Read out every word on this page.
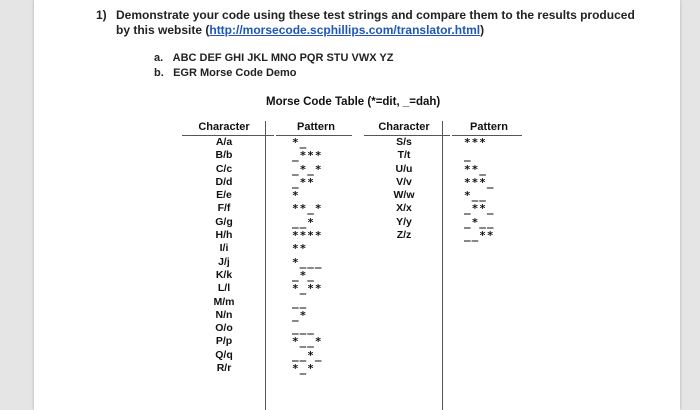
1) Demonstrate your code using these test strings and compare them to the results produced by this website (http://morsecode.scphillips.com/translator.html)
a. ABC DEF GHI JKL MNO PQR STU VWX YZ
b. EGR Morse Code Demo
Morse Code Table (*=dit, _=dah)
Character
A/a
B/b
C/c
D/d
E/e
F/f
G/g
H/h
I/i
J/j
K/k
L/l
M/m
N/n
O/o
P/p
Q/q
R/r
Pattern
*_
_***
_*_*
_**
*
**_*
__*
****
**
*___
_*_
*_**
__
_*
___
*__*
__*_
*_*
Character
S/s
T/t
U/u
V/v
W/w
X/x
Y/y
Z/z
Pattern
***
_
**_
***_
*__
_**_
_*__
__**
